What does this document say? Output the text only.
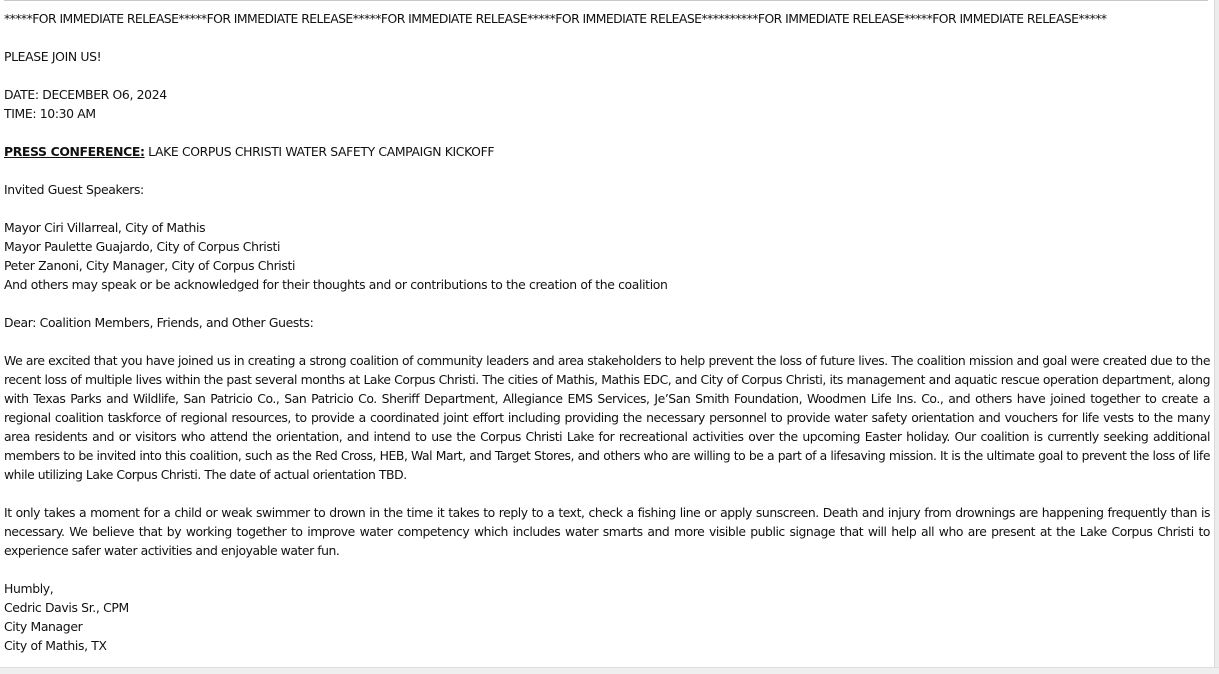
*****FOR IMMEDIATE RELEASE*****FOR IMMEDIATE RELEASE*****FOR IMMEDIATE RELEASE*****FOR IMMEDIATE RELEASE**********FOR IMMEDIATE RELEASE*****FOR IMMEDIATE RELEASE*****

PLEASE JOIN US!

DATE: DECEMBER O6, 2024

TIME: 10:30 AM

PRESS CONFERENCE: LAKE CORPUS CHRISTI WATER SAFETY CAMPAIGN KICKOFF

Invited Guest Speakers:

Mayor Ciri Villarreal, City of Mathis

Mayor Paulette Guajardo, City of Corpus Christi

Peter Zanoni, City Manager, City of Corpus Christi

And others may speak or be acknowledged for their thoughts and or contributions to the creation of the coalition

Dear: Coalition Members, Friends, and Other Guests:

We are excited that you have joined us in creating a strong coalition of community leaders and area stakeholders to help prevent the loss of future lives. The coalition mission and goal were created due to the recent loss of multiple lives within the past several months at Lake Corpus Christi. The cities of Mathis, Mathis EDC, and City of Corpus Christi, its management and aquatic rescue operation department, along with Texas Parks and Wildlife, San Patricio Co., San Patricio Co. Sheriff Department, Allegiance EMS Services, Je’San Smith Foundation, Woodmen Life Ins. Co., and others have joined together to create a regional coalition taskforce of regional resources, to provide a coordinated joint effort including providing the necessary personnel to provide water safety orientation and vouchers for life vests to the many area residents and or visitors who attend the orientation, and intend to use the Corpus Christi Lake for recreational activities over the upcoming Easter holiday. Our coalition is currently seeking additional members to be invited into this coalition, such as the Red Cross, HEB, Wal Mart, and Target Stores, and others who are willing to be a part of a lifesaving mission. It is the ultimate goal to prevent the loss of life while utilizing Lake Corpus Christi. The date of actual orientation TBD.

It only takes a moment for a child or weak swimmer to drown in the time it takes to reply to a text, check a fishing line or apply sunscreen. Death and injury from drownings are happening frequently than is necessary. We believe that by working together to improve water competency which includes water smarts and more visible public signage that will help all who are present at the Lake Corpus Christi to experience safer water activities and enjoyable water fun.

Humbly,

Cedric Davis Sr., CPM

City Manager

City of Mathis, TX
